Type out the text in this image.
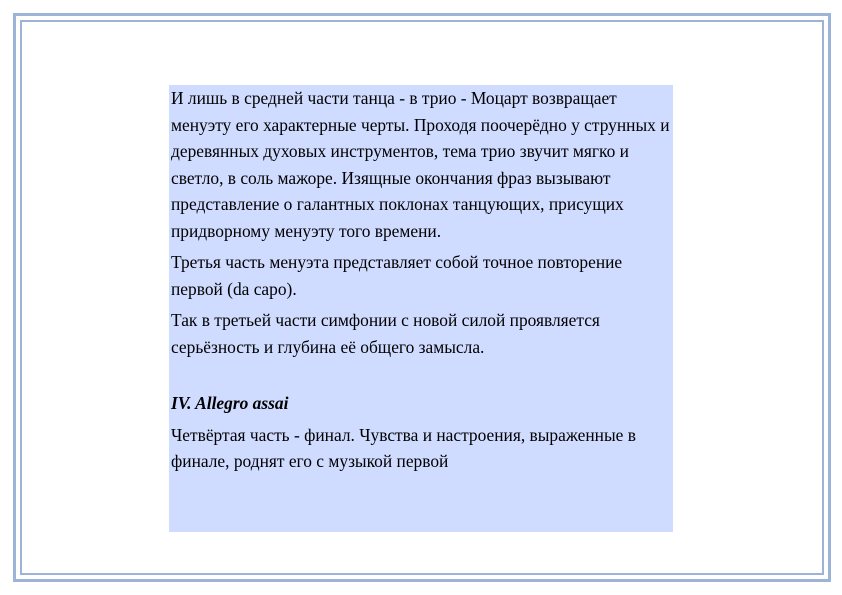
И лишь в средней части танца - в трио - Моцарт возвращает менуэту его характерные черты. Проходя поочерёдно у струнных и деревянных духовых инструментов, тема трио звучит мягко и светло, в соль мажоре. Изящные окончания фраз вызывают представление о галантных поклонах танцующих, присущих придворному менуэту того времени.

Третья часть менуэта представляет собой точное повторение первой (da capo).

Так в третьей части симфонии с новой силой проявляется серьёзность и глубина её общего замысла.

IV. Allegro assai

Четвёртая часть - финал. Чувства и настроения, выраженные в финале, роднят его с музыкой первой
